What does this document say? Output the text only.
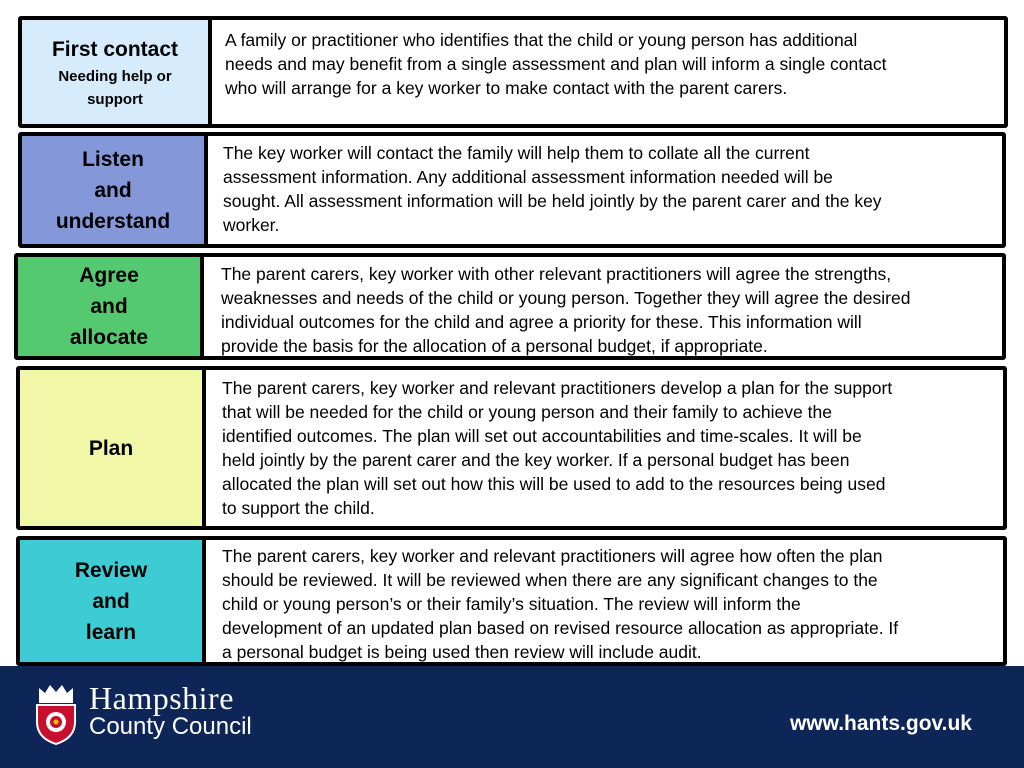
First contact
Needing help or
support
A family or practitioner who identifies that the child or young person has additional
needs and may benefit from a single assessment and plan will inform a single contact
who will arrange for a key worker to make contact with the parent carers.
Listen
and
understand
The key worker will contact the family will help them to collate all the current
assessment information. Any additional assessment information needed will be
sought. All assessment information will be held jointly by the parent carer and the key
worker.
Agree
and
allocate
The parent carers, key worker with other relevant practitioners will agree the strengths,
weaknesses and needs of the child or young person. Together they will agree the desired
individual outcomes for the child and agree a priority for these. This information will
provide the basis for the allocation of a personal budget, if appropriate.
Plan
The parent carers, key worker and relevant practitioners develop a plan for the support
that will be needed for the child or young person and their family to achieve the
identified outcomes. The plan will set out accountabilities and time-scales. It will be
held jointly by the parent carer and the key worker. If a personal budget has been
allocated the plan will set out how this will be used to add to the resources being used
to support the child.
Review
and
learn
The parent carers, key worker and relevant practitioners will agree how often the plan
should be reviewed. It will be reviewed when there are any significant changes to the
child or young person’s or their family’s situation. The review will inform the
development of an updated plan based on revised resource allocation as appropriate. If
a personal budget is being used then review will include audit.
Hampshire
County Council	www.hants.gov.uk
